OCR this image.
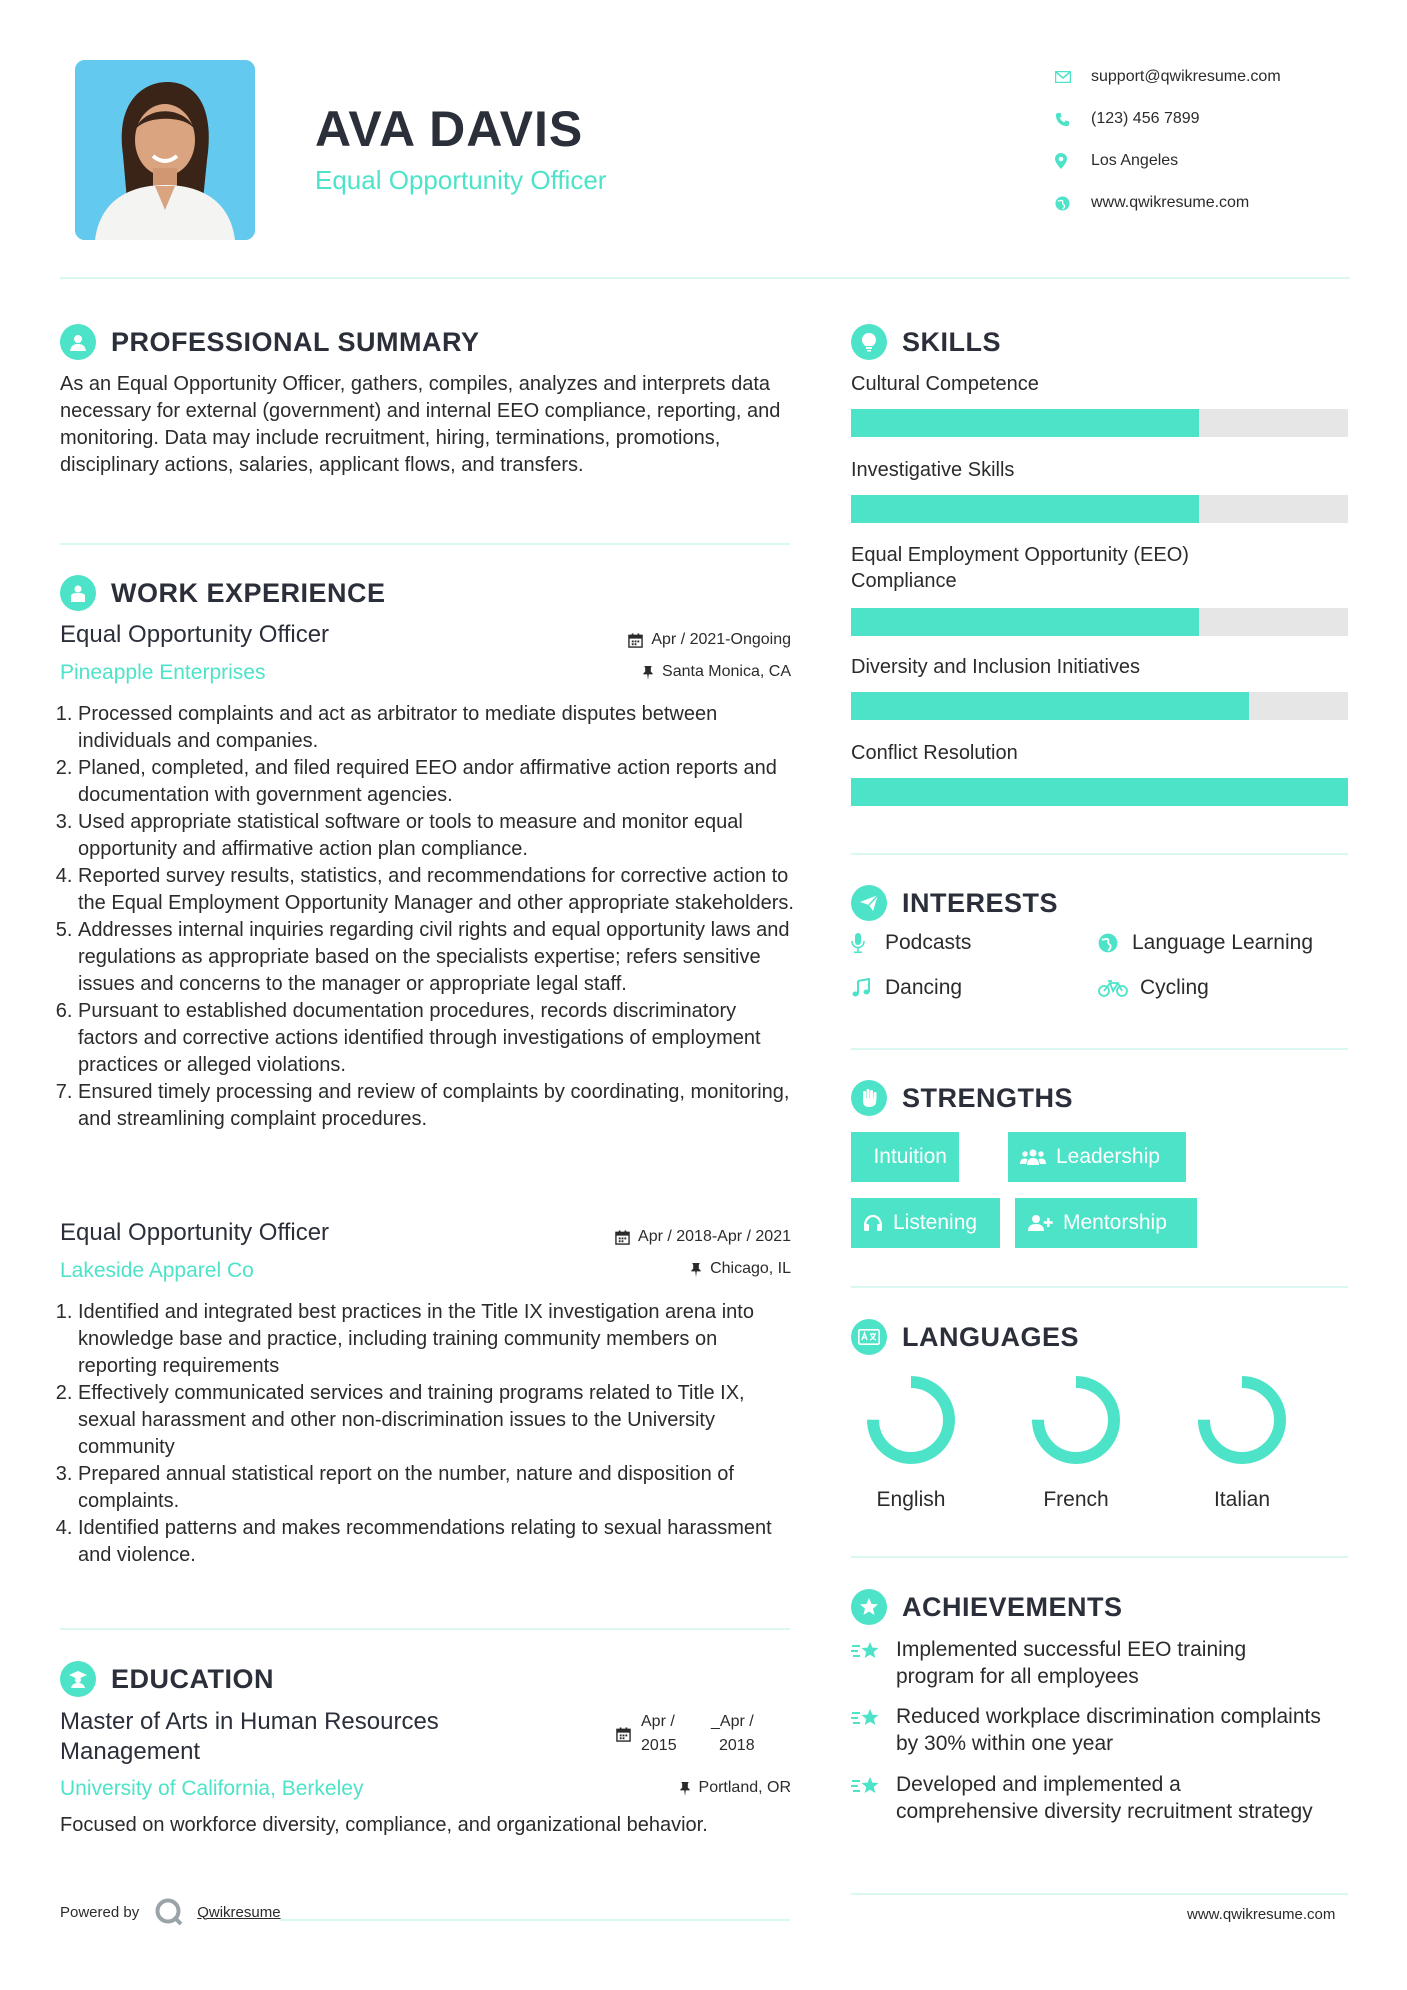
AVA DAVIS
Equal Opportunity Officer
support@qwikresume.com
(123) 456 7899
Los Angeles
www.qwikresume.com
PROFESSIONAL SUMMARY
As an Equal Opportunity Officer, gathers, compiles, analyzes and interprets data necessary for external (government) and internal EEO compliance, reporting, and monitoring. Data may include recruitment, hiring, terminations, promotions, disciplinary actions, salaries, applicant flows, and transfers.
WORK EXPERIENCE
Equal Opportunity Officer
Pineapple Enterprises
Apr / 2021-Ongoing
Santa Monica, CA
1. Processed complaints and act as arbitrator to mediate disputes between individuals and companies.
2. Planed, completed, and filed required EEO andor affirmative action reports and documentation with government agencies.
3. Used appropriate statistical software or tools to measure and monitor equal opportunity and affirmative action plan compliance.
4. Reported survey results, statistics, and recommendations for corrective action to the Equal Employment Opportunity Manager and other appropriate stakeholders.
5. Addresses internal inquiries regarding civil rights and equal opportunity laws and regulations as appropriate based on the specialists expertise; refers sensitive issues and concerns to the manager or appropriate legal staff.
6. Pursuant to established documentation procedures, records discriminatory factors and corrective actions identified through investigations of employment practices or alleged violations.
7. Ensured timely processing and review of complaints by coordinating, monitoring, and streamlining complaint procedures.
Equal Opportunity Officer
Lakeside Apparel Co
Apr / 2018-Apr / 2021
Chicago, IL
1. Identified and integrated best practices in the Title IX investigation arena into knowledge base and practice, including training community members on reporting requirements
2. Effectively communicated services and training programs related to Title IX, sexual harassment and other non-discrimination issues to the University community
3. Prepared annual statistical report on the number, nature and disposition of complaints.
4. Identified patterns and makes recommendations relating to sexual harassment and violence.
EDUCATION
Master of Arts in Human Resources Management
University of California, Berkeley
Apr /
2015
_Apr /
2018
Portland, OR
Focused on workforce diversity, compliance, and organizational behavior.
SKILLS
Cultural Competence
Investigative Skills
Equal Employment Opportunity (EEO) Compliance
Diversity and Inclusion Initiatives
Conflict Resolution
INTERESTS
Podcasts	Language Learning
Dancing	Cycling
STRENGTHS
Intuition	Leadership
Listening	Mentorship
LANGUAGES
English	French	Italian
ACHIEVEMENTS
Implemented successful EEO training program for all employees
Reduced workplace discrimination complaints by 30% within one year
Developed and implemented a comprehensive diversity recruitment strategy
Powered by	Qwikresume	www.qwikresume.com
